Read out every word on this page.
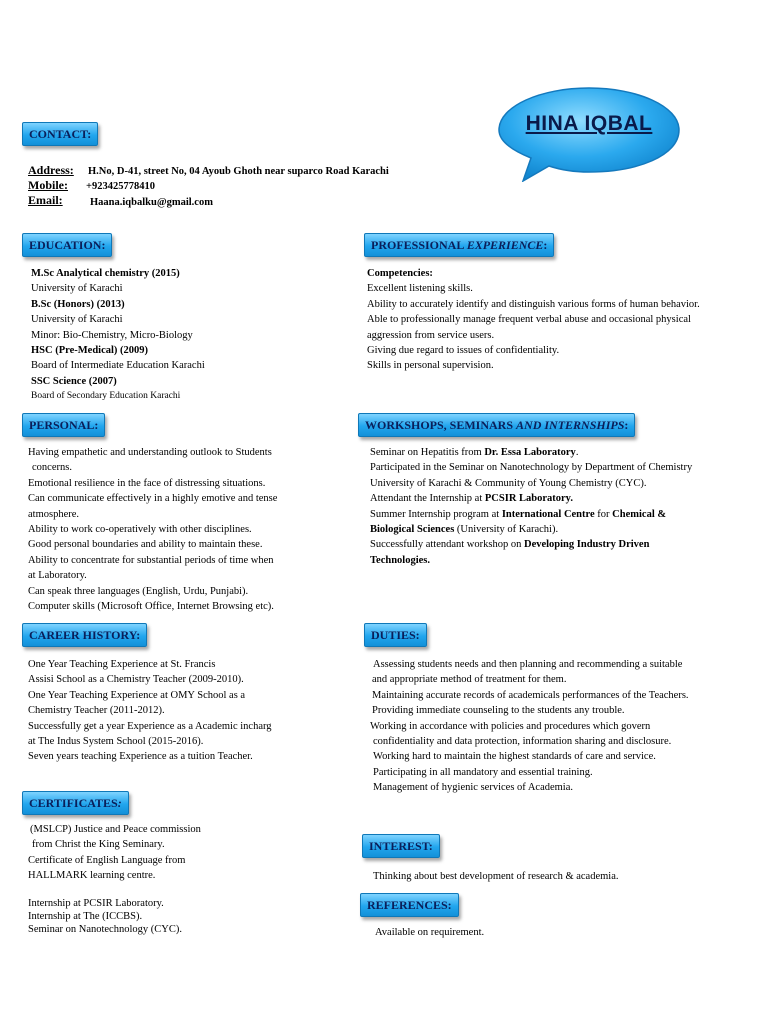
HINA IQBAL
CONTACT:
Address: H.No, D-41, street No, 04 Ayoub Ghoth near suparco Road Karachi
Mobile: +923425778410
Email:	Haana.iqbalku@gmail.com
EDUCATION:
M.Sc Analytical chemistry (2015)
University of Karachi
B.Sc (Honors) (2013)
University of Karachi
Minor: Bio-Chemistry, Micro-Biology
HSC (Pre-Medical) (2009)
Board of Intermediate Education Karachi
SSC Science (2007)
Board of Secondary Education Karachi
PROFESSIONAL EXPERIENCE:
Competencies:
Excellent listening skills.
Ability to accurately identify and distinguish various forms of human behavior.
Able to professionally manage frequent verbal abuse and occasional physical
aggression from service users.
Giving due regard to issues of confidentiality.
Skills in personal supervision.
PERSONAL:
Having empathetic and understanding outlook to Students
concerns.
Emotional resilience in the face of distressing situations.
Can communicate effectively in a highly emotive and tense
atmosphere.
Ability to work co-operatively with other disciplines.
Good personal boundaries and ability to maintain these.
Ability to concentrate for substantial periods of time when
at Laboratory.
Can speak three languages (English, Urdu, Punjabi).
Computer skills (Microsoft Office, Internet Browsing etc).
WORKSHOPS, SEMINARS AND INTERNSHIPS:
Seminar on Hepatitis from Dr. Essa Laboratory.
Participated in the Seminar on Nanotechnology by Department of Chemistry
University of Karachi & Community of Young Chemistry (CYC).
Attendant the Internship at PCSIR Laboratory.
Summer Internship program at International Centre for Chemical &
Biological Sciences (University of Karachi).
Successfully attendant workshop on Developing Industry Driven
Technologies.
CAREER HISTORY:
One Year Teaching Experience at St. Francis
Assisi School as a Chemistry Teacher (2009-2010).
One Year Teaching Experience at OMY School as a
Chemistry Teacher (2011-2012).
Successfully get a year Experience as a Academic incharg
at The Indus System School (2015-2016).
Seven years teaching Experience as a tuition Teacher.
DUTIES:
Assessing students needs and then planning and recommending a suitable
and appropriate method of treatment for them.
Maintaining accurate records of academicals performances of the Teachers.
Providing immediate counseling to the students any trouble.
Working in accordance with policies and procedures which govern
confidentiality and data protection, information sharing and disclosure.
Working hard to maintain the highest standards of care and service.
Participating in all mandatory and essential training.
Management of hygienic services of Academia.
CERTIFICATES:
(MSLCP) Justice and Peace commission
from Christ the King Seminary.
Certificate of English Language from
HALLMARK learning centre.
Internship at PCSIR Laboratory.
Internship at The (ICCBS).
Seminar on Nanotechnology (CYC).
INTEREST:
Thinking about best development of research & academia.
REFERENCES:
Available on requirement.
